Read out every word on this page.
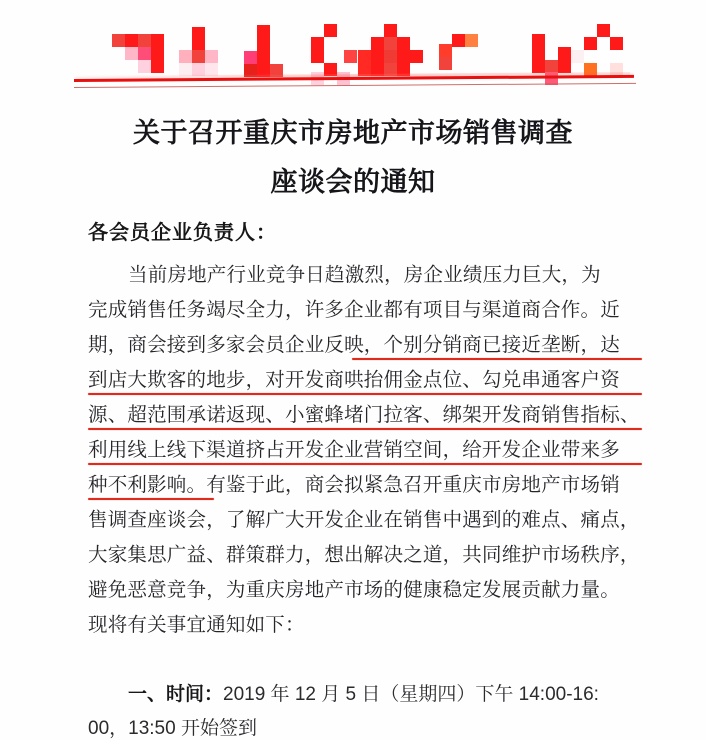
关于召开重庆市房地产市场销售调查
座谈会的通知
各会员企业负责人：
当前房地产行业竞争日趋激烈，房企业绩压力巨大，为
完成销售任务竭尽全力，许多企业都有项目与渠道商合作。近
期，商会接到多家会员企业反映，个别分销商已接近垄断，达
到店大欺客的地步，对开发商哄抬佣金点位、勾兑串通客户资
源、超范围承诺返现、小蜜蜂堵门拉客、绑架开发商销售指标、
利用线上线下渠道挤占开发企业营销空间，给开发企业带来多
种不利影响。有鉴于此，商会拟紧急召开重庆市房地产市场销
售调查座谈会，了解广大开发企业在销售中遇到的难点、痛点，
大家集思广益、群策群力，想出解决之道，共同维护市场秩序，
避免恶意竞争，为重庆房地产市场的健康稳定发展贡献力量。
现将有关事宜通知如下：
一、时间：2019 年 12 月 5 日（星期四）下午 14:00-16:
00，13:50 开始签到
